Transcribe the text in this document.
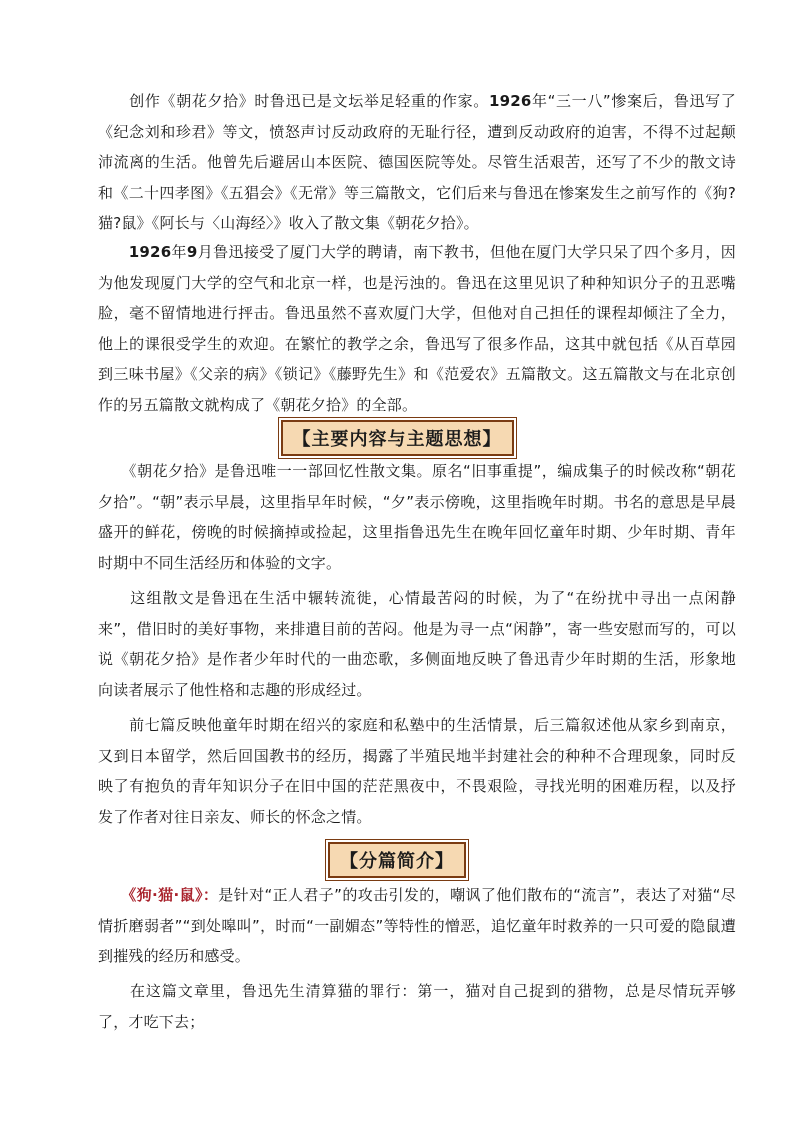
　　创作《朝花夕拾》时鲁迅已是文坛举足轻重的作家。1926年“三一八”惨案后，鲁迅写了《纪念刘和珍君》等文，愤怒声讨反动政府的无耻行径，遭到反动政府的迫害，不得不过起颠沛流离的生活。他曾先后避居山本医院、德国医院等处。尽管生活艰苦，还写了不少的散文诗和《二十四孝图》《五猖会》《无常》等三篇散文，它们后来与鲁迅在惨案发生之前写作的《狗?猫?鼠》《阿长与〈山海经〉》收入了散文集《朝花夕拾》。

　　1926年9月鲁迅接受了厦门大学的聘请，南下教书，但他在厦门大学只呆了四个多月，因为他发现厦门大学的空气和北京一样，也是污浊的。鲁迅在这里见识了种种知识分子的丑恶嘴脸，毫不留情地进行抨击。鲁迅虽然不喜欢厦门大学，但他对自己担任的课程却倾注了全力，他上的课很受学生的欢迎。在繁忙的教学之余，鲁迅写了很多作品，这其中就包括《从百草园到三味书屋》《父亲的病》《锁记》《藤野先生》和《范爱农》五篇散文。这五篇散文与在北京创作的另五篇散文就构成了《朝花夕拾》的全部。

【主要内容与主题思想】

　　《朝花夕拾》是鲁迅唯一一部回忆性散文集。原名“旧事重提”，编成集子的时候改称“朝花夕拾”。“朝”表示早晨，这里指早年时候，“夕”表示傍晚，这里指晚年时期。书名的意思是早晨盛开的鲜花，傍晚的时候摘掉或捡起，这里指鲁迅先生在晚年回忆童年时期、少年时期、青年时期中不同生活经历和体验的文字。

　　这组散文是鲁迅在生活中辗转流徙，心情最苦闷的时候，为了“在纷扰中寻出一点闲静来”，借旧时的美好事物，来排遣目前的苦闷。他是为寻一点“闲静”，寄一些安慰而写的，可以说《朝花夕拾》是作者少年时代的一曲恋歌，多侧面地反映了鲁迅青少年时期的生活，形象地向读者展示了他性格和志趣的形成经过。

　　前七篇反映他童年时期在绍兴的家庭和私塾中的生活情景，后三篇叙述他从家乡到南京，又到日本留学，然后回国教书的经历，揭露了半殖民地半封建社会的种种不合理现象，同时反映了有抱负的青年知识分子在旧中国的茫茫黑夜中，不畏艰险，寻找光明的困难历程，以及抒发了作者对往日亲友、师长的怀念之情。

【分篇简介】

　　《狗·猫·鼠》：是针对“正人君子”的攻击引发的，嘲讽了他们散布的“流言”，表达了对猫“尽情折磨弱者”“到处嗥叫”，时而“一副媚态”等特性的憎恶，追忆童年时救养的一只可爱的隐鼠遭到摧残的经历和感受。

　　在这篇文章里，鲁迅先生清算猫的罪行：第一，猫对自己捉到的猎物，总是尽情玩弄够了，才吃下去；
